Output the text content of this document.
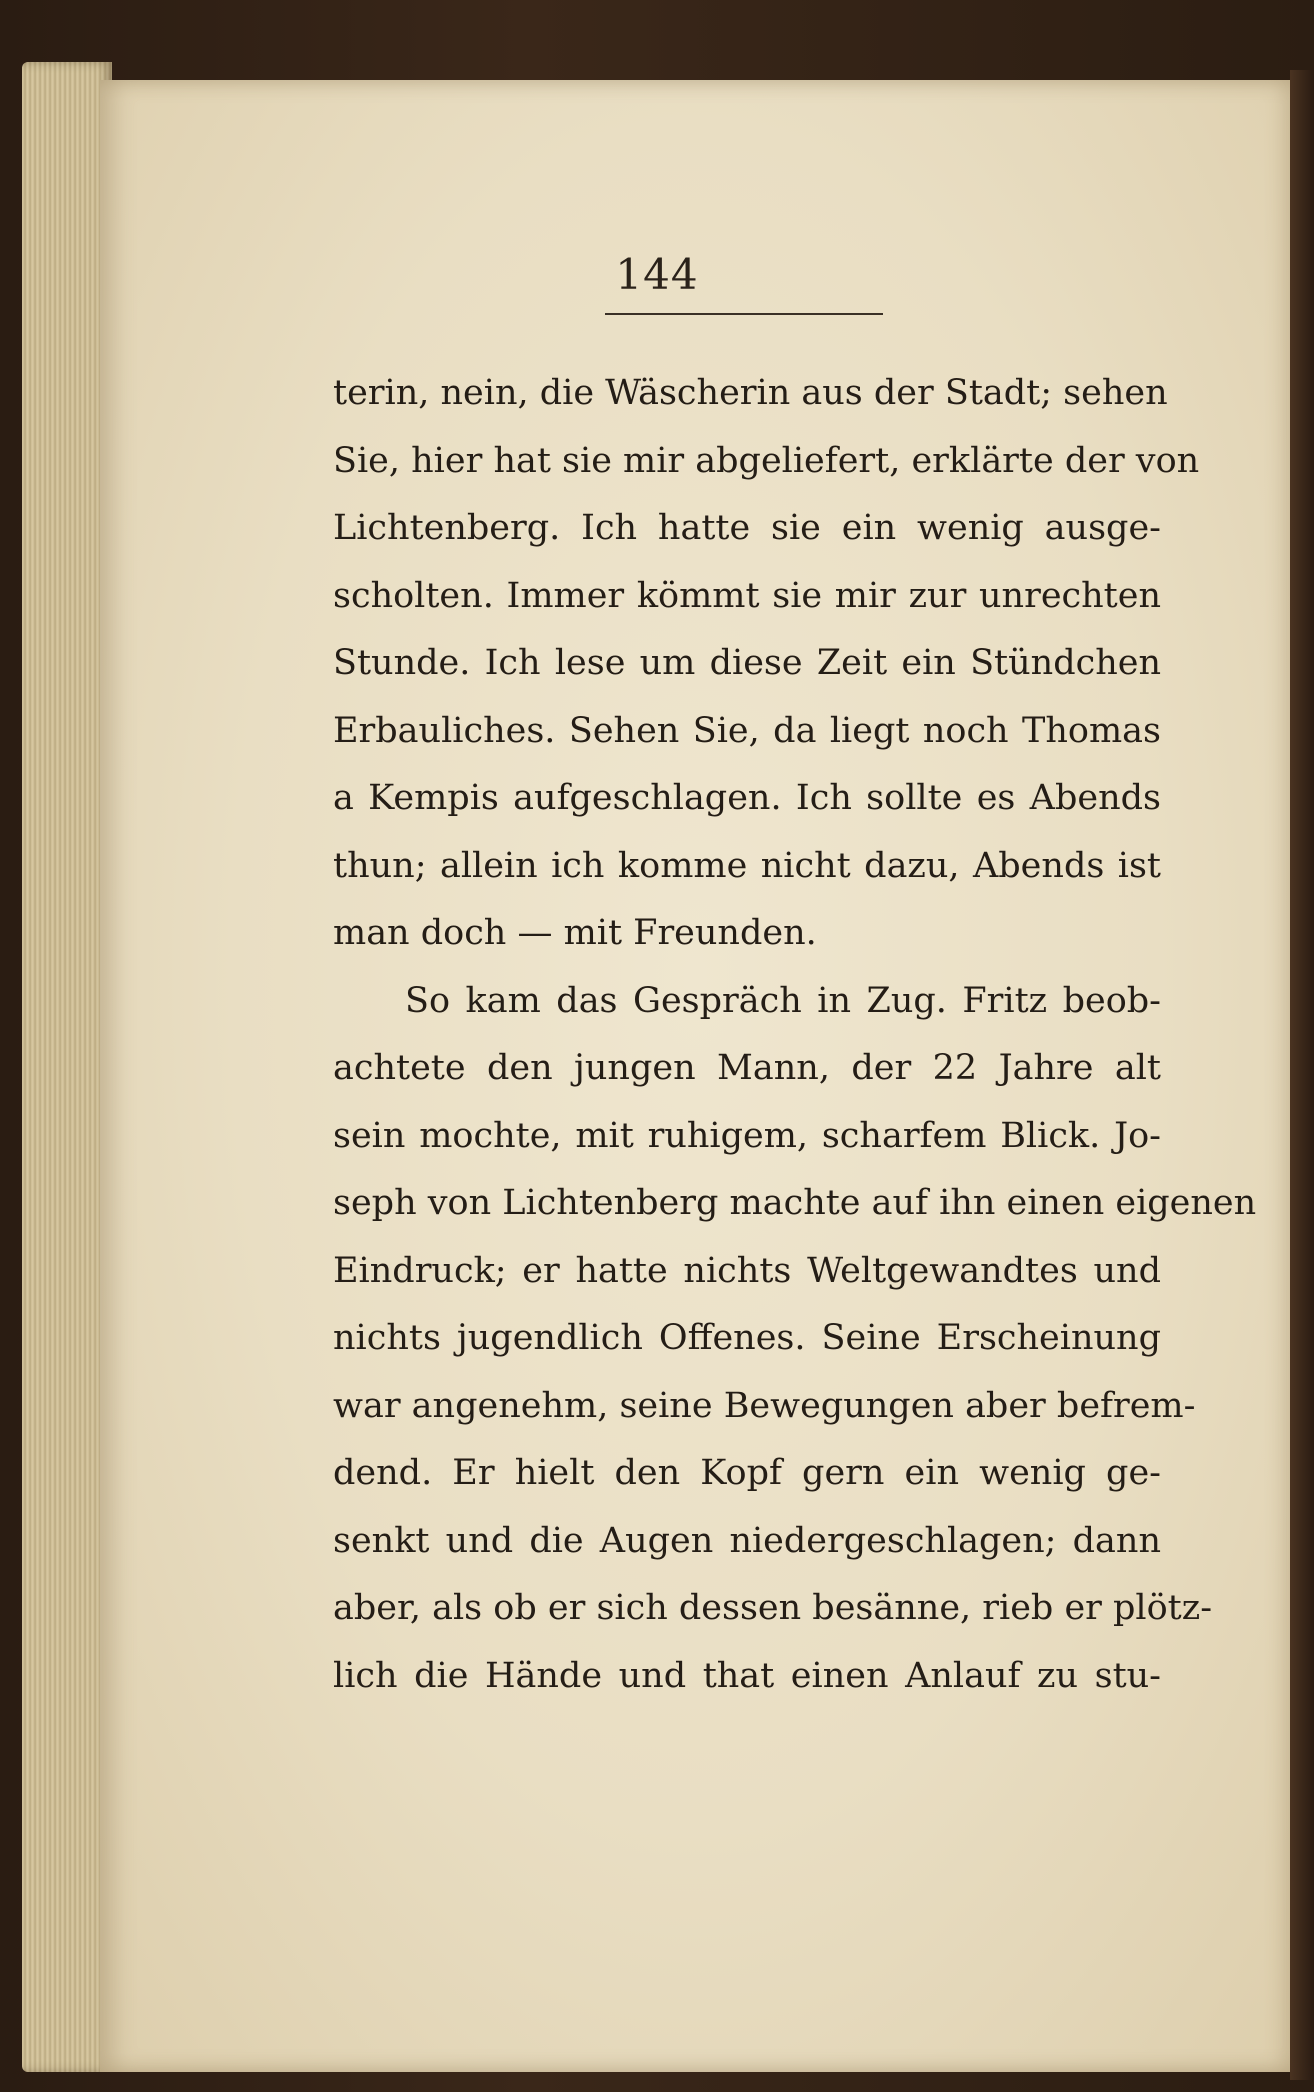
144
terin, nein, die Wäscherin aus der Stadt; sehen
Sie, hier hat sie mir abgeliefert, erklärte der von
Lichtenberg. Ich hatte sie ein wenig ausge-
scholten. Immer kömmt sie mir zur unrechten
Stunde. Ich lese um diese Zeit ein Stündchen
Erbauliches. Sehen Sie, da liegt noch Thomas
a Kempis aufgeschlagen. Ich sollte es Abends
thun; allein ich komme nicht dazu, Abends ist
man doch — mit Freunden.
So kam das Gespräch in Zug. Fritz beob-
achtete den jungen Mann, der 22 Jahre alt
sein mochte, mit ruhigem, scharfem Blick. Jo-
seph von Lichtenberg machte auf ihn einen eigenen
Eindruck; er hatte nichts Weltgewandtes und
nichts jugendlich Offenes. Seine Erscheinung
war angenehm, seine Bewegungen aber befrem-
dend. Er hielt den Kopf gern ein wenig ge-
senkt und die Augen niedergeschlagen; dann
aber, als ob er sich dessen besänne, rieb er plötz-
lich die Hände und that einen Anlauf zu stu-
